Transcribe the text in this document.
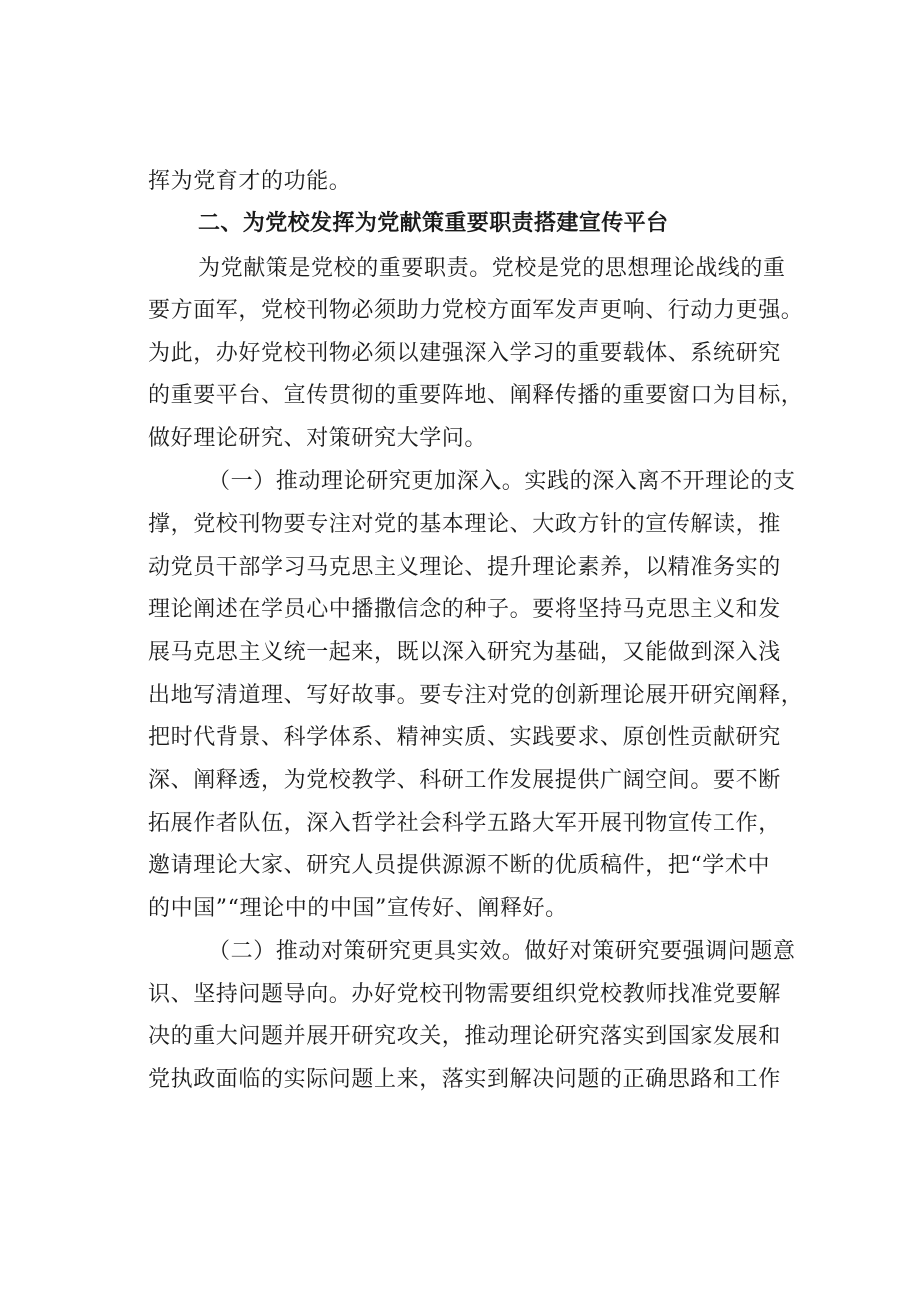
挥为党育才的功能。
二、为党校发挥为党献策重要职责搭建宣传平台
为党献策是党校的重要职责。党校是党的思想理论战线的重
要方面军，党校刊物必须助力党校方面军发声更响、行动力更强。
为此，办好党校刊物必须以建强深入学习的重要载体、系统研究
的重要平台、宣传贯彻的重要阵地、阐释传播的重要窗口为目标，
做好理论研究、对策研究大学问。
（一）推动理论研究更加深入。实践的深入离不开理论的支
撑，党校刊物要专注对党的基本理论、大政方针的宣传解读，推
动党员干部学习马克思主义理论、提升理论素养，以精准务实的
理论阐述在学员心中播撒信念的种子。要将坚持马克思主义和发
展马克思主义统一起来，既以深入研究为基础，又能做到深入浅
出地写清道理、写好故事。要专注对党的创新理论展开研究阐释，
把时代背景、科学体系、精神实质、实践要求、原创性贡献研究
深、阐释透，为党校教学、科研工作发展提供广阔空间。要不断
拓展作者队伍，深入哲学社会科学五路大军开展刊物宣传工作，
邀请理论大家、研究人员提供源源不断的优质稿件，把“学术中
的中国”“理论中的中国”宣传好、阐释好。
（二）推动对策研究更具实效。做好对策研究要强调问题意
识、坚持问题导向。办好党校刊物需要组织党校教师找准党要解
决的重大问题并展开研究攻关，推动理论研究落实到国家发展和
党执政面临的实际问题上来，落实到解决问题的正确思路和工作
